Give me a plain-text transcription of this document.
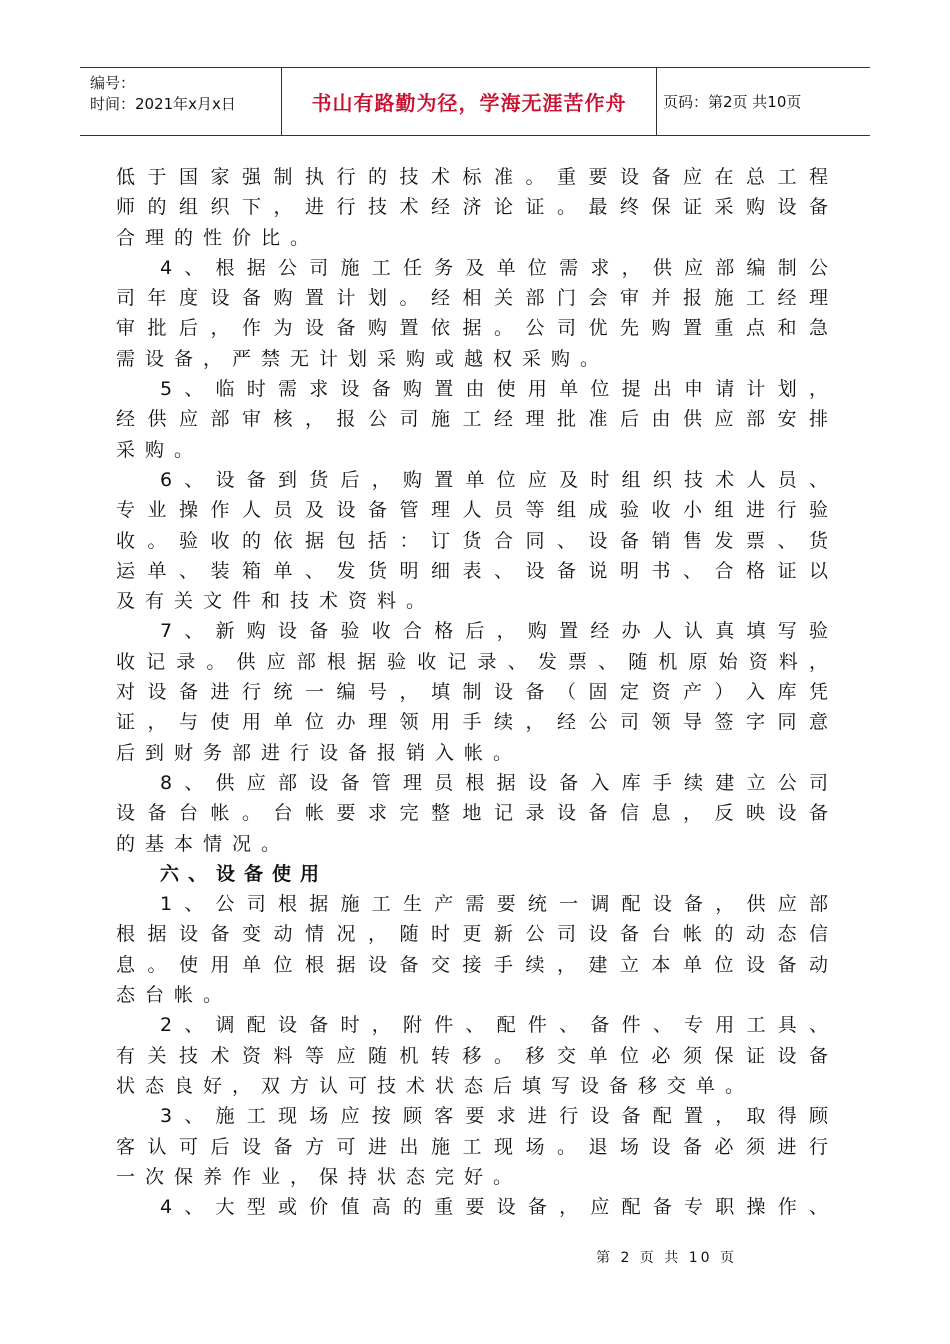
编号：
时间：2021年x月x日	书山有路勤为径，学海无涯苦作舟 页码：第2页 共10页
低于国家强制执行的技术标准。重要设备应在总工程
师的组织下，进行技术经济论证。最终保证采购设备
合理的性价比。
4、根据公司施工任务及单位需求，供应部编制公
司年度设备购置计划。经相关部门会审并报施工经理
审批后，作为设备购置依据。公司优先购置重点和急
需设备，严禁无计划采购或越权采购。
5、临时需求设备购置由使用单位提出申请计划，
经供应部审核，报公司施工经理批准后由供应部安排
采购。
6、设备到货后，购置单位应及时组织技术人员、
专业操作人员及设备管理人员等组成验收小组进行验
收。验收的依据包括：订货合同、设备销售发票、货
运单、装箱单、发货明细表、设备说明书、合格证以
及有关文件和技术资料。
7、新购设备验收合格后，购置经办人认真填写验
收记录。供应部根据验收记录、发票、随机原始资料，
对设备进行统一编号，填制设备（固定资产）入库凭
证，与使用单位办理领用手续，经公司领导签字同意
后到财务部进行设备报销入帐。
8、供应部设备管理员根据设备入库手续建立公司
设备台帐。台帐要求完整地记录设备信息，反映设备
的基本情况。
六、设备使用
1、公司根据施工生产需要统一调配设备，供应部
根据设备变动情况，随时更新公司设备台帐的动态信
息。使用单位根据设备交接手续，建立本单位设备动
态台帐。
2、调配设备时，附件、配件、备件、专用工具、
有关技术资料等应随机转移。移交单位必须保证设备
状态良好，双方认可技术状态后填写设备移交单。
3、施工现场应按顾客要求进行设备配置，取得顾
客认可后设备方可进出施工现场。退场设备必须进行
一次保养作业，保持状态完好。
4、大型或价值高的重要设备，应配备专职操作、
第 2 页 共 10 页
